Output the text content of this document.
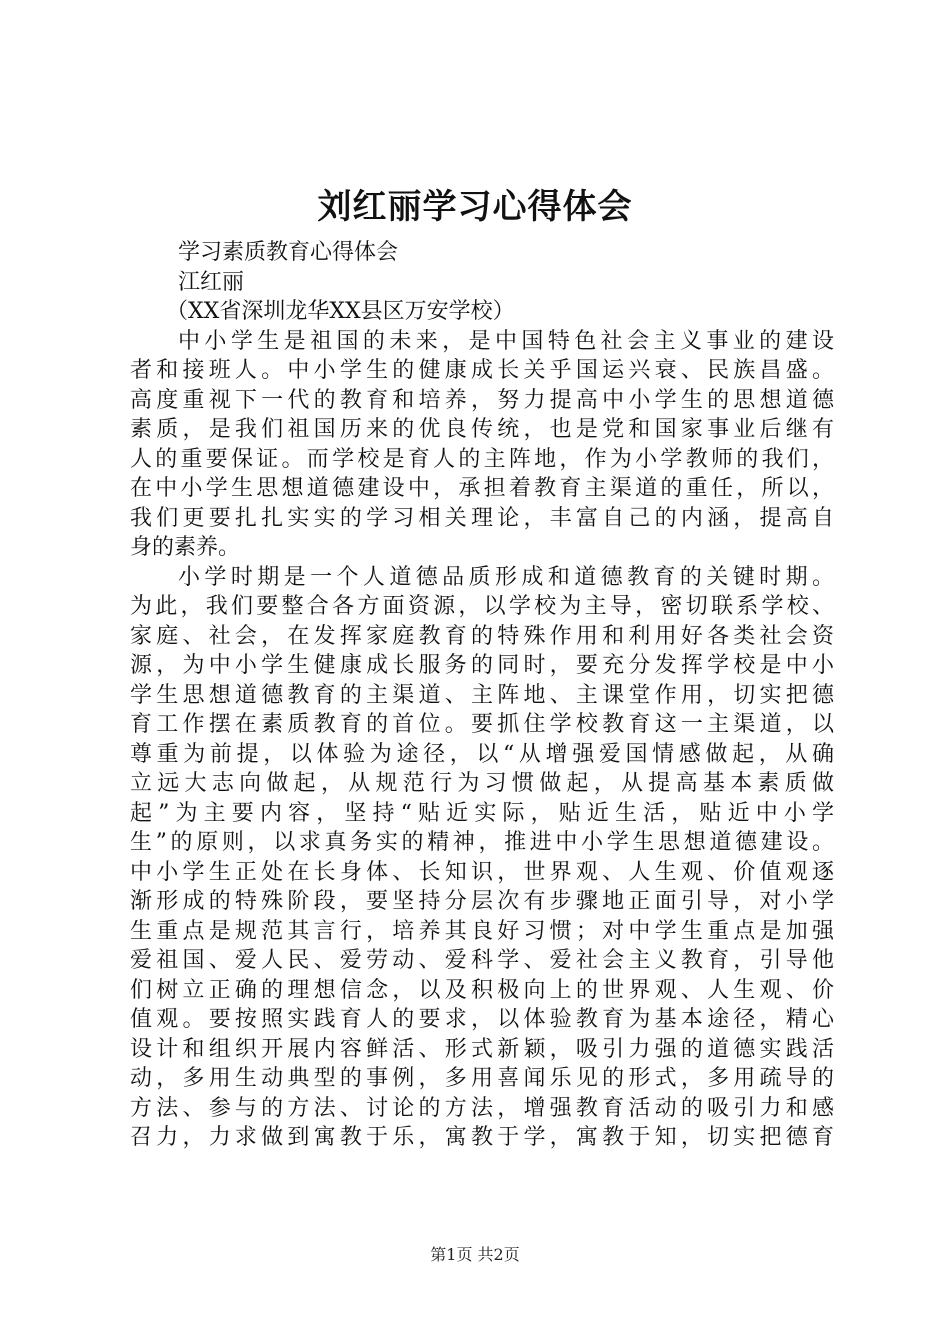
刘红丽学习心得体会
学习素质教育心得体会
江红丽
（XX省深圳龙华XX县区万安学校）
中小学生是祖国的未来，是中国特色社会主义事业的建设
者和接班人。中小学生的健康成长关乎国运兴衰、民族昌盛。
高度重视下一代的教育和培养，努力提高中小学生的思想道德
素质，是我们祖国历来的优良传统，也是党和国家事业后继有
人的重要保证。而学校是育人的主阵地，作为小学教师的我们，
在中小学生思想道德建设中，承担着教育主渠道的重任，所以，
我们更要扎扎实实的学习相关理论，丰富自己的内涵，提高自
身的素养。
小学时期是一个人道德品质形成和道德教育的关键时期。
为此，我们要整合各方面资源，以学校为主导，密切联系学校、
家庭、社会，在发挥家庭教育的特殊作用和利用好各类社会资
源，为中小学生健康成长服务的同时，要充分发挥学校是中小
学生思想道德教育的主渠道、主阵地、主课堂作用，切实把德
育工作摆在素质教育的首位。要抓住学校教育这一主渠道，以
尊重为前提，以体验为途径，以“从增强爱国情感做起，从确
立远大志向做起，从规范行为习惯做起，从提高基本素质做
起”为主要内容，坚持“贴近实际，贴近生活，贴近中小学
生”的原则，以求真务实的精神，推进中小学生思想道德建设。
中小学生正处在长身体、长知识，世界观、人生观、价值观逐
渐形成的特殊阶段，要坚持分层次有步骤地正面引导，对小学
生重点是规范其言行，培养其良好习惯；对中学生重点是加强
爱祖国、爱人民、爱劳动、爱科学、爱社会主义教育，引导他
们树立正确的理想信念，以及积极向上的世界观、人生观、价
值观。要按照实践育人的要求，以体验教育为基本途径，精心
设计和组织开展内容鲜活、形式新颖，吸引力强的道德实践活
动，多用生动典型的事例，多用喜闻乐见的形式，多用疏导的
方法、参与的方法、讨论的方法，增强教育活动的吸引力和感
召力，力求做到寓教于乐，寓教于学，寓教于知，切实把德育
第1页 共2页
